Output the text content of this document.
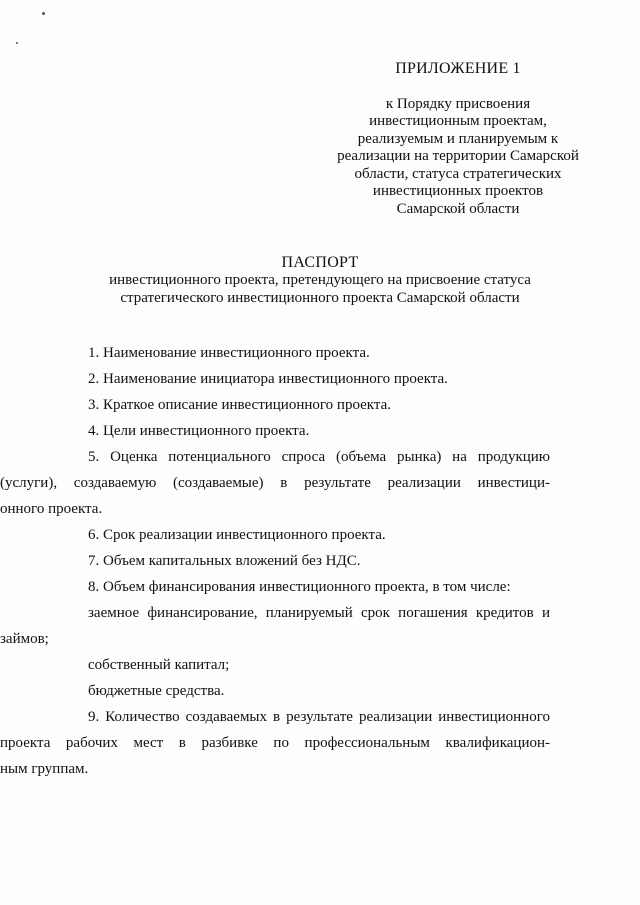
ПРИЛОЖЕНИЕ 1
к Порядку присвоения
инвестиционным проектам,
реализуемым и планируемым к
реализации на территории Самарской
области, статуса стратегических
инвестиционных проектов
Самарской области
ПАСПОРТ
инвестиционного проекта, претендующего на присвоение статуса
стратегического инвестиционного проекта Самарской области
1. Наименование инвестиционного проекта.
2. Наименование инициатора инвестиционного проекта.
3. Краткое описание инвестиционного проекта.
4. Цели инвестиционного проекта.
5. Оценка потенциального спроса (объема рынка) на продукцию
(услуги), создаваемую (создаваемые) в результате реализации инвестици-
онного проекта.
6. Срок реализации инвестиционного проекта.
7. Объем капитальных вложений без НДС.
8. Объем финансирования инвестиционного проекта, в том числе:
заемное финансирование, планируемый срок погашения кредитов и
займов;
собственный капитал;
бюджетные средства.
9. Количество создаваемых в результате реализации инвестиционного
проекта рабочих мест в разбивке по профессиональным квалификацион-
ным группам.
